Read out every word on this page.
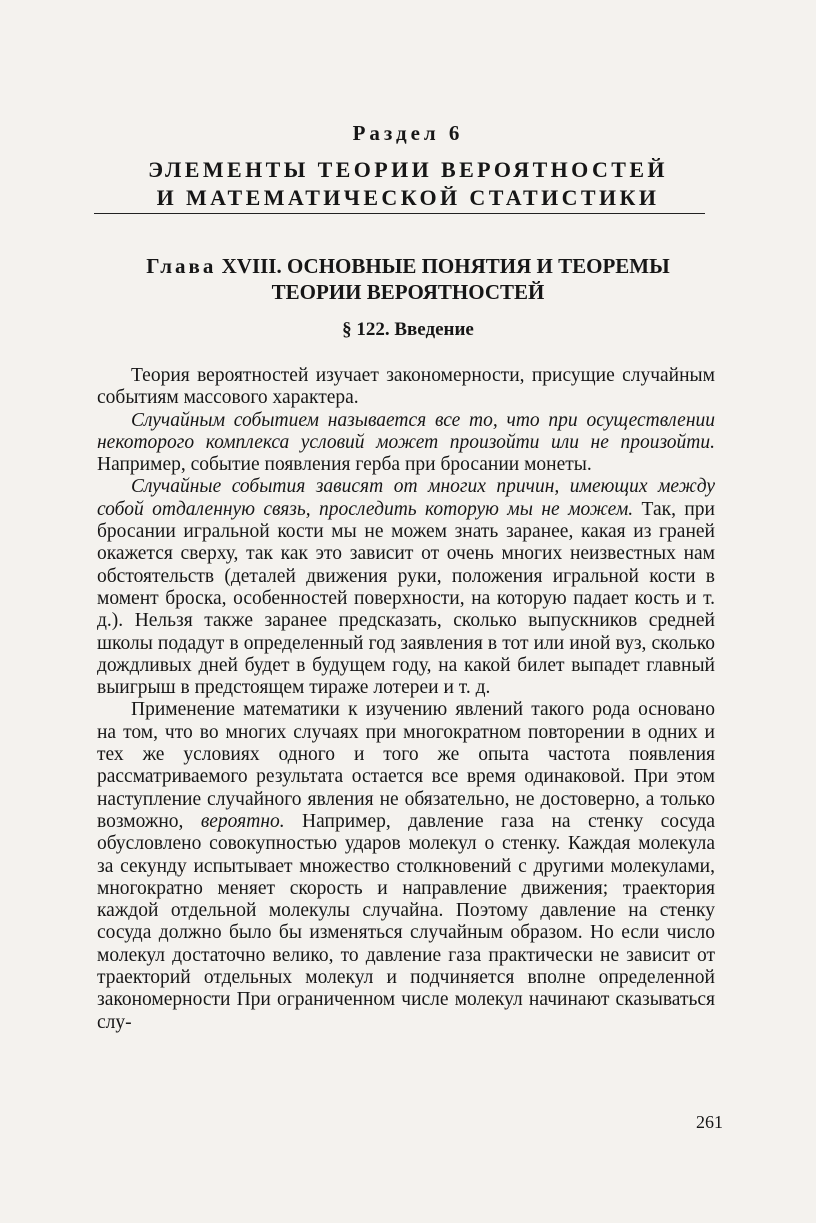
Раздел 6
ЭЛЕМЕНТЫ ТЕОРИИ ВЕРОЯТНОСТЕЙ
И МАТЕМАТИЧЕСКОЙ СТАТИСТИКИ
Глава XVIII. ОСНОВНЫЕ ПОНЯТИЯ И ТЕОРЕМЫ
ТЕОРИИ ВЕРОЯТНОСТЕЙ
§ 122. Введение

Теория вероятностей изучает закономерности, присущие случайным событиям массового характера.

Случайным событием называется все то, что при осуществлении некоторого комплекса условий может произойти или не произойти. Например, событие появления герба при бросании монеты.

Случайные события зависят от многих причин, имеющих между собой отдаленную связь, проследить которую мы не можем. Так, при бросании игральной кости мы не можем знать заранее, какая из граней окажется сверху, так как это зависит от очень многих неизвестных нам обстоятельств (деталей движения руки, положения игральной кости в момент броска, особенностей поверхности, на которую падает кость и т. д.). Нельзя также заранее предсказать, сколько выпускников средней школы подадут в определенный год заявления в тот или иной вуз, сколько дождливых дней будет в будущем году, на какой билет выпадет главный выигрыш в предстоящем тираже лотереи и т. д.

Применение математики к изучению явлений такого рода основано на том, что во многих случаях при многократном повторении в одних и тех же условиях одного и того же опыта частота появления рассматриваемого результата остается все время одинаковой. При этом наступление случайного явления не обязательно, не достоверно, а только возможно, вероятно. Например, давление газа на стенку сосуда обусловлено совокупностью ударов молекул о стенку. Каждая молекула за секунду испытывает множество столкновений с другими молекулами, многократно меняет скорость и направление движения; траектория каждой отдельной молекулы случайна. Поэтому давление на стенку сосуда должно было бы изменяться случайным образом. Но если число молекул достаточно велико, то давление газа практически не зависит от траекторий отдельных молекул и подчиняется вполне определенной закономерности При ограниченном числе молекул начинают сказываться слу-

261
